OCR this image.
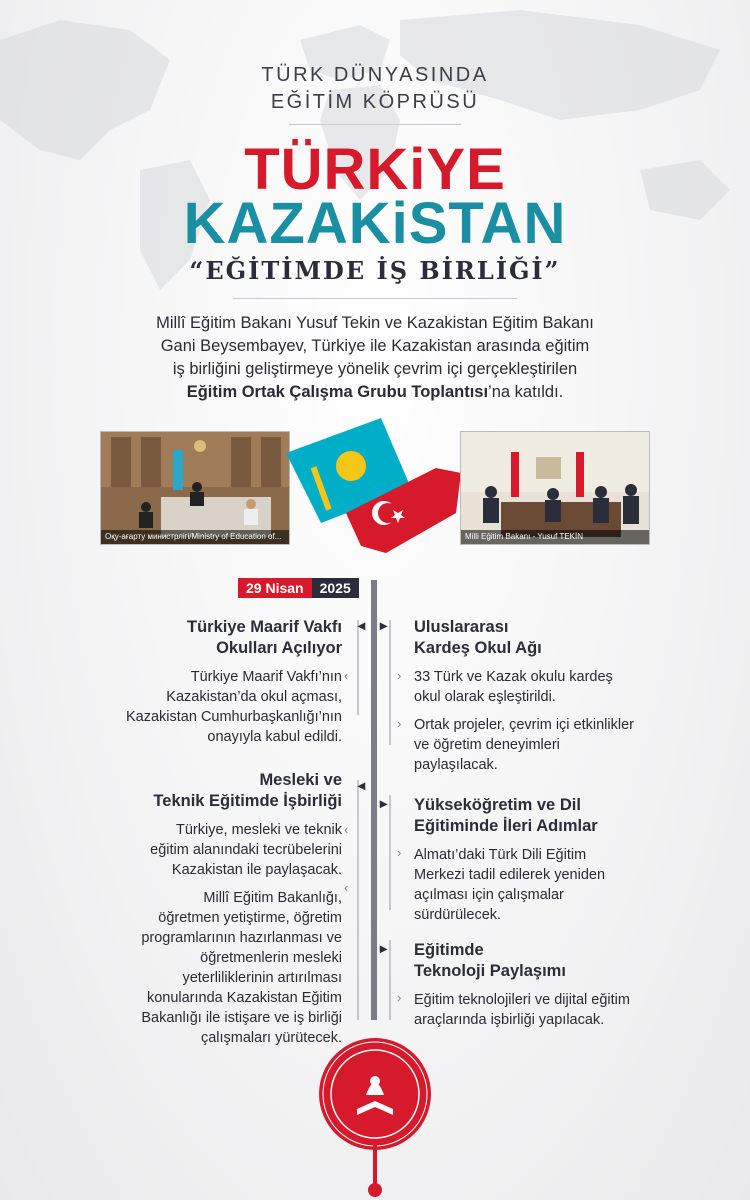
TÜRK DÜNYASINDA
EĞİTİM KÖPRÜSÜ
TÜRKiYE
KAZAKiSTAN
“EĞİTİMDE İŞ BİRLİĞİ”
Millî Eğitim Bakanı Yusuf Tekin ve Kazakistan Eğitim Bakanı
Gani Beysembayev, Türkiye ile Kazakistan arasında eğitim
iş birliğini geliştirmeye yönelik çevrim içi gerçekleştirilen
Eğitim Ortak Çalışma Grubu Toplantısı’na katıldı.
Оқу-ағарту министрлігі/Ministry of Education of...	Milli Eğitim Bakanı - Yusuf TEKİN
29 Nisan	2025
◂ ▸
◂
▸
▸
‹
‹
‹
›
›
›
›
Türkiye Maarif Vakfı
Okulları Açılıyor
Türkiye Maarif Vakfı’nın
Kazakistan’da okul açması,
Kazakistan Cumhurbaşkanlığı’nın
onayıyla kabul edildi.
Mesleki ve
Teknik Eğitimde İşbirliği
Türkiye, mesleki ve teknik
eğitim alanındaki tecrübelerini
Kazakistan ile paylaşacak.
Millî Eğitim Bakanlığı,
öğretmen yetiştirme, öğretim
programlarının hazırlanması ve
öğretmenlerin mesleki
yeterliliklerinin artırılması
konularında Kazakistan Eğitim
Bakanlığı ile istişare ve iş birliği
çalışmaları yürütecek.
Uluslararası
Kardeş Okul Ağı
33 Türk ve Kazak okulu kardeş
okul olarak eşleştirildi.
Ortak projeler, çevrim içi etkinlikler
ve öğretim deneyimleri
paylaşılacak.
Yükseköğretim ve Dil
Eğitiminde İleri Adımlar
Almatı’daki Türk Dili Eğitim
Merkezi tadil edilerek yeniden
açılması için çalışmalar
sürdürülecek.
Eğitimde
Teknoloji Paylaşımı
Eğitim teknolojileri ve dijital eğitim
araçlarında işbirliği yapılacak.
